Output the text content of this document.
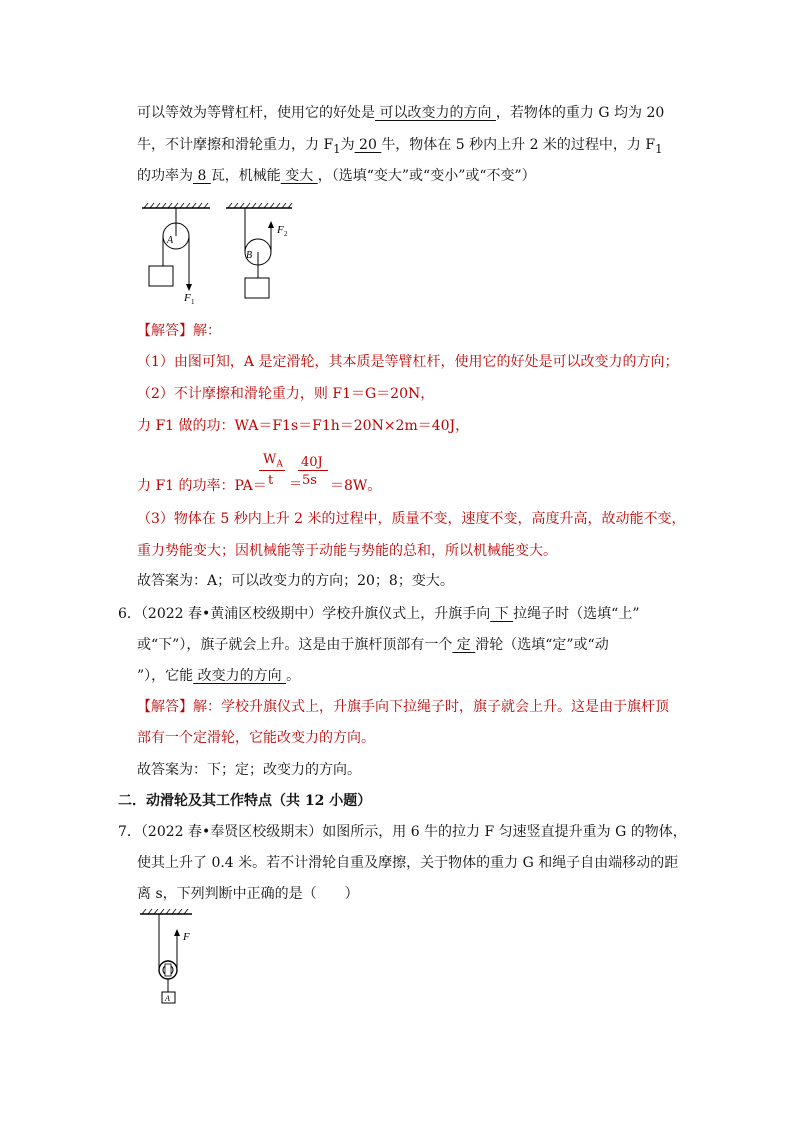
可以等效为等臂杠杆，使用它的好处是 可以改变力的方向 ，若物体的重力 G 均为 20
牛，不计摩擦和滑轮重力，力 $F_1$为 20 牛，物体在 5 秒内上升 2 米的过程中，力 $F_1$
的功率为 8 瓦，机械能 变大 ，（选填“变大”或“变小”或“不变”）
A
F 1
B
F 2
【解答】解：
（1）由图可知，A 是定滑轮，其本质是等臂杠杆，使用它的好处是可以改变力的方向；
（2）不计摩擦和滑轮重力，则 F1＝G＝20N，
力 F1 做的功：WA＝F1s＝F1h＝20N×2m＝40J，
力 F1 的功率：PA＝
$W_A$
t ＝
40J
5s ＝8W。
（3）物体在 5 秒内上升 2 米的过程中，质量不变，速度不变，高度升高，故动能不变，
重力势能变大；因机械能等于动能与势能的总和，所以机械能变大。
故答案为：A；可以改变力的方向；20；8；变大。
6．（2022 春•黄浦区校级期中）学校升旗仪式上，升旗手向 下 拉绳子时（选填“上”
或“下”），旗子就会上升。这是由于旗杆顶部有一个 定 滑轮（选填“定”或“动
”），它能 改变力的方向 。
【解答】解：学校升旗仪式上，升旗手向下拉绳子时，旗子就会上升。这是由于旗杆顶
部有一个定滑轮，它能改变力的方向。
故答案为：下；定；改变力的方向。
二．动滑轮及其工作特点（共 12 小题）
7．（2022 春•奉贤区校级期末）如图所示，用 6 牛的拉力 F 匀速竖直提升重为 G 的物体，
使其上升了 0.4 米。若不计滑轮自重及摩擦，关于物体的重力 G 和绳子自由端移动的距
离 s，下列判断中正确的是（　　）
F
A
